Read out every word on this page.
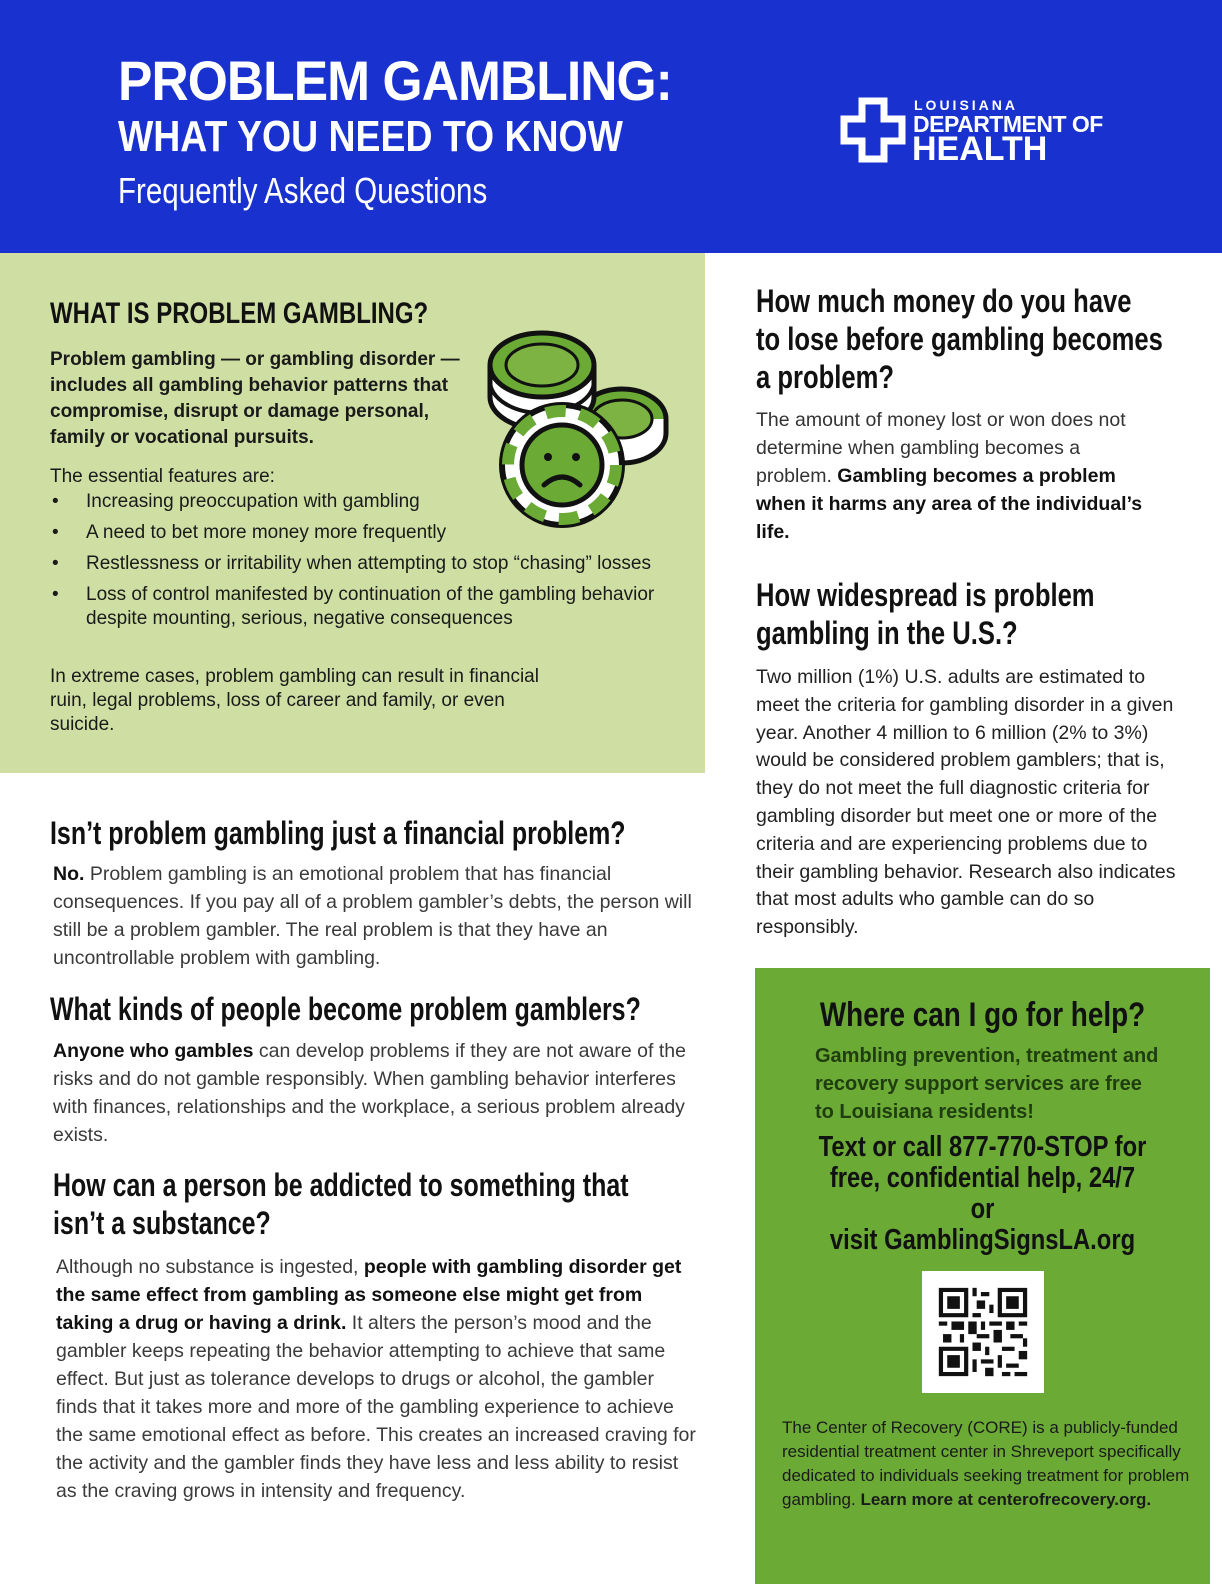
PROBLEM GAMBLING:
WHAT YOU NEED TO KNOW
Frequently Asked Questions
LOUISIANA
DEPARTMENT OF
HEALTH
WHAT IS PROBLEM GAMBLING?
Problem gambling — or gambling disorder — includes all gambling behavior patterns that compromise, disrupt or damage personal, family or vocational pursuits.
The essential features are:
• Increasing preoccupation with gambling
• A need to bet more money more frequently
• Restlessness or irritability when attempting to stop “chasing” losses
• Loss of control manifested by continuation of the gambling behavior despite mounting, serious, negative consequences
In extreme cases, problem gambling can result in financial ruin, legal problems, loss of career and family, or even suicide.
Isn’t problem gambling just a financial problem?
No. Problem gambling is an emotional problem that has financial consequences. If you pay all of a problem gambler’s debts, the person will still be a problem gambler. The real problem is that they have an uncontrollable problem with gambling.
What kinds of people become problem gamblers?
Anyone who gambles can develop problems if they are not aware of the risks and do not gamble responsibly. When gambling behavior interferes with finances, relationships and the workplace, a serious problem already exists.
How can a person be addicted to something that
isn’t a substance?
Although no substance is ingested, people with gambling disorder get the same effect from gambling as someone else might get from taking a drug or having a drink. It alters the person’s mood and the gambler keeps repeating the behavior attempting to achieve that same effect. But just as tolerance develops to drugs or alcohol, the gambler finds that it takes more and more of the gambling experience to achieve the same emotional effect as before. This creates an increased craving for the activity and the gambler finds they have less and less ability to resist as the craving grows in intensity and frequency.
How much money do you have
to lose before gambling becomes
a problem?
The amount of money lost or won does not determine when gambling becomes a problem. Gambling becomes a problem when it harms any area of the individual’s life.
How widespread is problem
gambling in the U.S.?
Two million (1%) U.S. adults are estimated to meet the criteria for gambling disorder in a given year. Another 4 million to 6 million (2% to 3%) would be considered problem gamblers; that is, they do not meet the full diagnostic criteria for gambling disorder but meet one or more of the criteria and are experiencing problems due to their gambling behavior. Research also indicates that most adults who gamble can do so responsibly.
Where can I go for help?
Gambling prevention, treatment and recovery support services are free to Louisiana residents!
Text or call 877-770-STOP for
free, confidential help, 24/7
or
visit GamblingSignsLA.org
The Center of Recovery (CORE) is a publicly-funded residential treatment center in Shreveport specifically dedicated to individuals seeking treatment for problem gambling. Learn more at centerofrecovery.org.
